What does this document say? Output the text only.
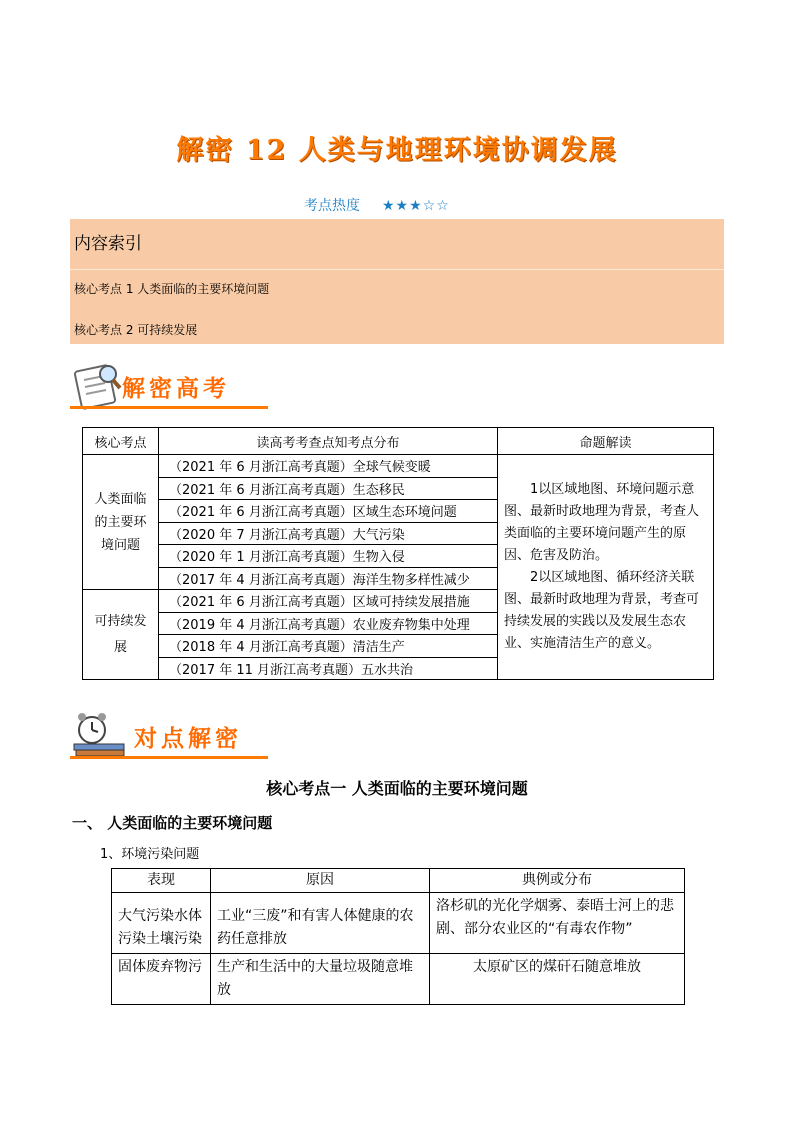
解密 12 人类与地理环境协调发展
考点热度 ★★★☆☆
内容索引
核心考点 1 人类面临的主要环境问题
核心考点 2 可持续发展
解密高考
核心考点	读高考考查点知考点分布	命题解读
人类面临的主要环境问题	（2021 年 6 月浙江高考真题）全球气候变暖	1以区域地图、环境问题示意图、最新时政地理为背景，考查人类面临的主要环境问题产生的原因、危害及防治。
2以区域地图、循环经济关联图、最新时政地理为背景，考查可持续发展的实践以及发展生态农业、实施清洁生产的意义。

	（2021 年 6 月浙江高考真题）生态移民	
	（2021 年 6 月浙江高考真题）区域生态环境问题	
	（2020 年 7 月浙江高考真题）大气污染	
	（2020 年 1 月浙江高考真题）生物入侵	
	（2017 年 4 月浙江高考真题）海洋生物多样性减少	
可持续发展	（2021 年 6 月浙江高考真题）区域可持续发展措施	
	（2019 年 4 月浙江高考真题）农业废弃物集中处理	
	（2018 年 4 月浙江高考真题）清洁生产	
	（2017 年 11 月浙江高考真题）五水共治	
对点解密
核心考点一 人类面临的主要环境问题
一、 人类面临的主要环境问题
1、环境污染问题
表现	原因	典例或分布
大气污染水体污染土壤污染	工业“三废”和有害人体健康的农药任意排放	洛杉矶的光化学烟雾、泰晤士河上的悲剧、部分农业区的“有毒农作物”
固体废弃物污	生产和生活中的大量垃圾随意堆放	太原矿区的煤矸石随意堆放
